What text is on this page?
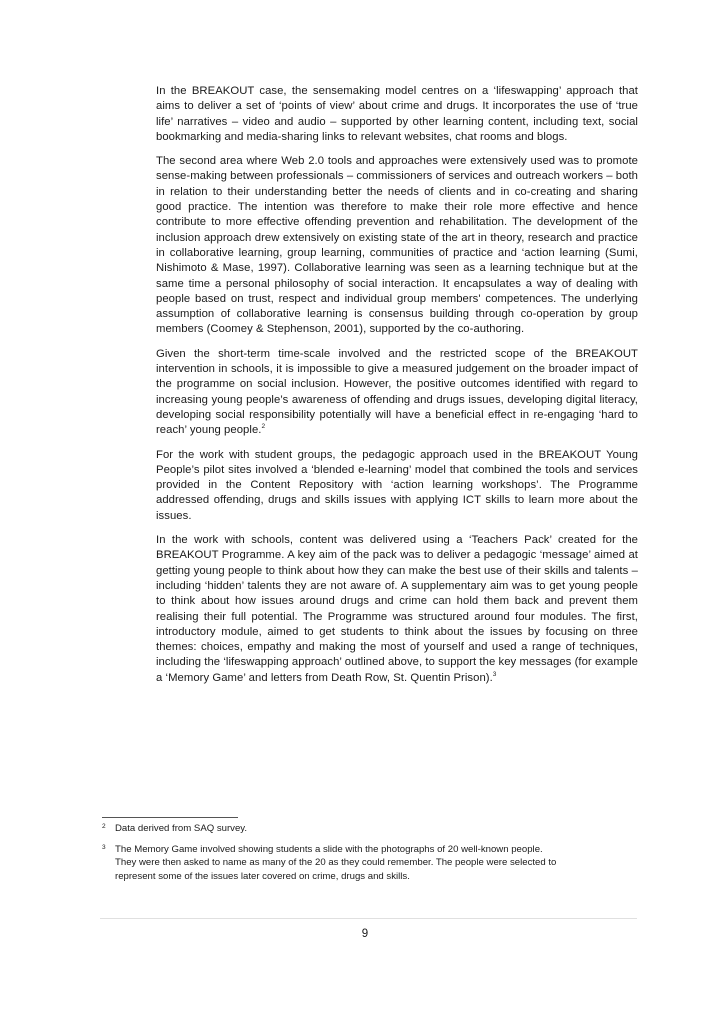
In the BREAKOUT case, the sensemaking model centres on a ‘lifeswapping’ approach that aims to deliver a set of ‘points of view’ about crime and drugs. It incorporates the use of ‘true life’ narratives – video and audio – supported by other learning content, including text, social bookmarking and media-sharing links to relevant websites, chat rooms and blogs.

The second area where Web 2.0 tools and approaches were extensively used was to promote sense-making between professionals – commissioners of services and outreach workers – both in relation to their understanding better the needs of clients and in co-creating and sharing good practice. The intention was therefore to make their role more effective and hence contribute to more effective offending prevention and rehabilitation. The development of the inclusion approach drew extensively on existing state of the art in theory, research and practice in collaborative learning, group learning, communities of practice and ‘action learning (Sumi, Nishimoto & Mase, 1997). Collaborative learning was seen as a learning technique but at the same time a personal philosophy of social interaction. It encapsulates a way of dealing with people based on trust, respect and individual group members' competences. The underlying assumption of collaborative learning is consensus building through co-operation by group members (Coomey & Stephenson, 2001), supported by the co-authoring.

Given the short-term time-scale involved and the restricted scope of the BREAKOUT intervention in schools, it is impossible to give a measured judgement on the broader impact of the programme on social inclusion. However, the positive outcomes identified with regard to increasing young people’s awareness of offending and drugs issues, developing digital literacy, developing social responsibility potentially will have a beneficial effect in re-engaging ‘hard to reach’ young people.$^2$

For the work with student groups, the pedagogic approach used in the BREAKOUT Young People’s pilot sites involved a ‘blended e-learning’ model that combined the tools and services provided in the Content Repository with ‘action learning workshops’. The Programme addressed offending, drugs and skills issues with applying ICT skills to learn more about the issues.

In the work with schools, content was delivered using a ‘Teachers Pack’ created for the BREAKOUT Programme. A key aim of the pack was to deliver a pedagogic ‘message’ aimed at getting young people to think about how they can make the best use of their skills and talents – including ‘hidden’ talents they are not aware of. A supplementary aim was to get young people to think about how issues around drugs and crime can hold them back and prevent them realising their full potential. The Programme was structured around four modules. The first, introductory module, aimed to get students to think about the issues by focusing on three themes: choices, empathy and making the most of yourself and used a range of techniques, including the ‘lifeswapping approach’ outlined above, to support the key messages (for example a ‘Memory Game’ and letters from Death Row, St. Quentin Prison).$^3$

2 Data derived from SAQ survey.
3 The Memory Game involved showing students a slide with the photographs of 20 well-known people. They were then asked to name as many of the 20 as they could remember. The people were selected to represent some of the issues later covered on crime, drugs and skills.
9
